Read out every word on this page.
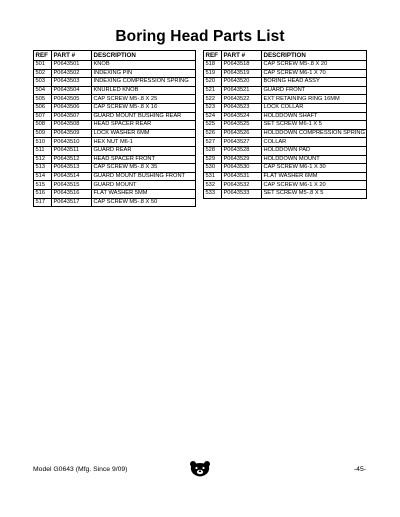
Boring Head Parts List
REF	PART #	DESCRIPTION
501	P0643501	KNOB
502	P0643502	INDEXING PIN
503	P0643503	INDEXING COMPRESSION SPRING
504	P0643504	KNURLED KNOB
505	P0643505	CAP SCREW M5-.8 X 25
506	P0643506	CAP SCREW M5-.8 X 16
507	P0643507	GUARD MOUNT BUSHING REAR
508	P0643508	HEAD SPACER REAR
509	P0643509	LOCK WASHER 6MM
510	P0643510	HEX NUT M6-1
511	P0643511	GUARD REAR
512	P0643512	HEAD SPACER FRONT
513	P0643513	CAP SCREW M5-.8 X 35
514	P0643514	GUARD MOUNT BUSHING FRONT
515	P0643515	GUARD MOUNT
516	P0643516	FLAT WASHER 5MM
517	P0643517	CAP SCREW M5-.8 X 50
REF	PART #	DESCRIPTION
518	P0643518	CAP SCREW M5-.8 X 20
519	P0643519	CAP SCREW M6-1 X 70
520	P0643520	BORING HEAD ASSY
521	P0643521	GUARD FRONT
522	P0643522	EXT RETAINING RING 16MM
523	P0643523	LOCK COLLAR
524	P0643524	HOLDDOWN SHAFT
525	P0643525	SET SCREW M6-1 X 5
526	P0643526	HOLDDOWN COMPRESSION SPRING
527	P0643527	COLLAR
528	P0643528	HOLDDOWN PAD
529	P0643529	HOLDDOWN MOUNT
530	P0643530	CAP SCREW M6-1 X 30
531	P0643531	FLAT WASHER 6MM
532	P0643532	CAP SCREW M6-1 X 20
533	P0643533	SET SCREW M5-.8 X 5
Model G0643 (Mfg. Since 9/09)	-45-
